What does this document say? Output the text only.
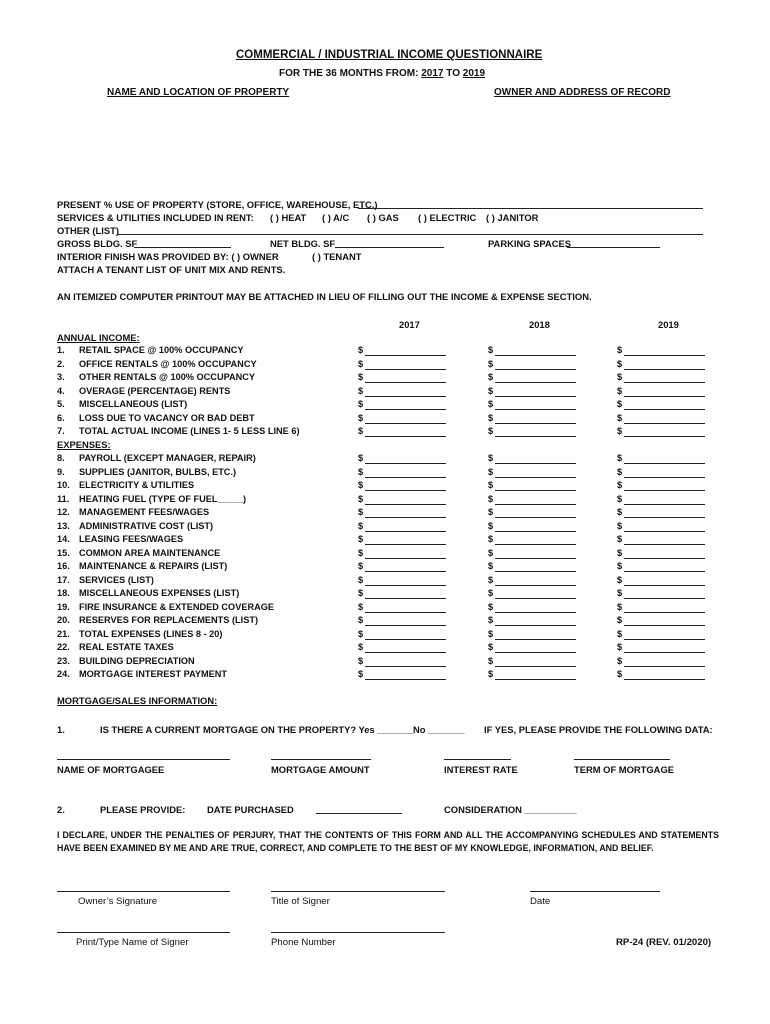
COMMERCIAL / INDUSTRIAL INCOME QUESTIONNAIRE
FOR THE 36 MONTHS FROM: 2017 TO 2019
NAME AND LOCATION OF PROPERTY	OWNER AND ADDRESS OF RECORD
PRESENT % USE OF PROPERTY (STORE, OFFICE, WAREHOUSE, ETC.)
SERVICES & UTILITIES INCLUDED IN RENT: ( ) HEAT ( ) A/C ( ) GAS ( ) ELECTRIC ( ) JANITOR
OTHER (LIST)
GROSS BLDG. SF	NET BLDG. SF	PARKING SPACES
INTERIOR FINISH WAS PROVIDED BY: ( ) OWNER	( ) TENANT
ATTACH A TENANT LIST OF UNIT MIX AND RENTS.
AN ITEMIZED COMPUTER PRINTOUT MAY BE ATTACHED IN LIEU OF FILLING OUT THE INCOME & EXPENSE SECTION.
2017	2018	2019
ANNUAL INCOME:
1. RETAIL SPACE @ 100% OCCUPANCY	$	$	$
2. OFFICE RENTALS @ 100% OCCUPANCY	$	$	$
3. OTHER RENTALS @ 100% OCCUPANCY	$	$	$
4. OVERAGE (PERCENTAGE) RENTS	$	$	$
5. MISCELLANEOUS (LIST)	$	$	$
6. LOSS DUE TO VACANCY OR BAD DEBT	$	$	$
7. TOTAL ACTUAL INCOME (LINES 1- 5 LESS LINE 6)	$	$	$
EXPENSES:
8. PAYROLL (EXCEPT MANAGER, REPAIR)	$	$	$
9. SUPPLIES (JANITOR, BULBS, ETC.)	$	$	$
10. ELECTRICITY & UTILITIES	$	$	$
11. HEATING FUEL (TYPE OF FUEL_____)	$	$	$
12. MANAGEMENT FEES/WAGES	$	$	$
13. ADMINISTRATIVE COST (LIST)	$	$	$
14. LEASING FEES/WAGES	$	$	$
15. COMMON AREA MAINTENANCE	$	$	$
16. MAINTENANCE & REPAIRS (LIST)	$	$	$
17. SERVICES (LIST)	$	$	$
18. MISCELLANEOUS EXPENSES (LIST)	$	$	$
19. FIRE INSURANCE & EXTENDED COVERAGE	$	$	$
20. RESERVES FOR REPLACEMENTS (LIST)	$	$	$
21. TOTAL EXPENSES (LINES 8 - 20)	$	$	$
22. REAL ESTATE TAXES	$	$	$
23. BUILDING DEPRECIATION	$	$	$
24. MORTGAGE INTEREST PAYMENT	$	$	$
MORTGAGE/SALES INFORMATION:
1.	IS THERE A CURRENT MORTGAGE ON THE PROPERTY? Yes _______ No _______ IF YES, PLEASE PROVIDE THE FOLLOWING DATA:
NAME OF MORTGAGEE	MORTGAGE AMOUNT	INTEREST RATE	TERM OF MORTGAGE
2.	PLEASE PROVIDE: DATE PURCHASED	CONSIDERATION __________
I DECLARE, UNDER THE PENALTIES OF PERJURY, THAT THE CONTENTS OF THIS FORM AND ALL THE ACCOMPANYING SCHEDULES AND STATEMENTS HAVE BEEN EXAMINED BY ME AND ARE TRUE, CORRECT, AND COMPLETE TO THE BEST OF MY KNOWLEDGE, INFORMATION, AND BELIEF.
Owner’s Signature	Title of Signer	Date
Print/Type Name of Signer	Phone Number	RP-24 (REV. 01/2020)
